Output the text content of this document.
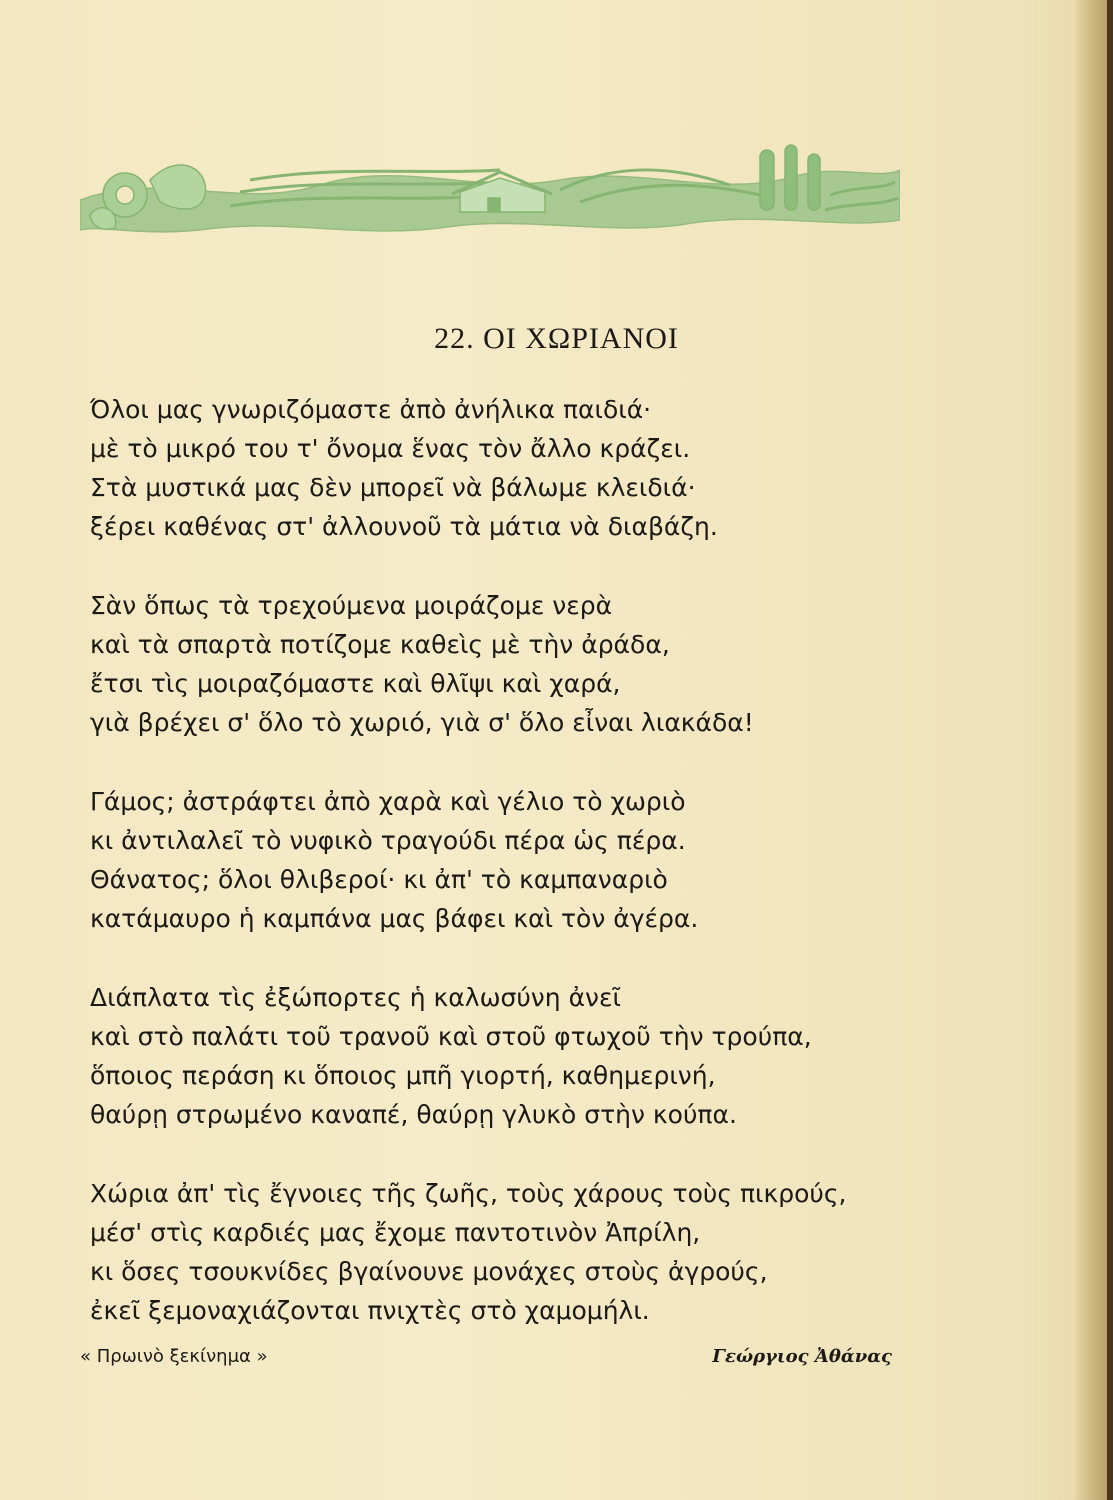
22. ΟΙ ΧΩΡΙΑΝΟΙ
Όλοι μας γνωριζόμαστε ἀπὸ ἀνήλικα παιδιά·
μὲ τὸ μικρό του τ' ὄνομα ἕνας τὸν ἄλλο κράζει.
Στὰ μυστικά μας δὲν μπορεῖ νὰ βάλωμε κλειδιά·
ξέρει καθένας στ' ἀλλουνοῦ τὰ μάτια νὰ διαβάζη.
Σὰν ὅπως τὰ τρεχούμενα μοιράζομε νερὰ
καὶ τὰ σπαρτὰ ποτίζομε καθεὶς μὲ τὴν ἀράδα,
ἔτσι τὶς μοιραζόμαστε καὶ θλῖψι καὶ χαρά,
γιὰ βρέχει σ' ὅλο τὸ χωριό, γιὰ σ' ὅλο εἶναι λιακάδα!
Γάμος; ἀστράφτει ἀπὸ χαρὰ καὶ γέλιο τὸ χωριὸ
κι ἀντιλαλεῖ τὸ νυφικὸ τραγούδι πέρα ὡς πέρα.
Θάνατος; ὅλοι θλιβεροί· κι ἀπ' τὸ καμπαναριὸ
κατάμαυρο ἡ καμπάνα μας βάφει καὶ τὸν ἀγέρα.
Διάπλατα τὶς ἐξώπορτες ἡ καλωσύνη ἀνεῖ
καὶ στὸ παλάτι τοῦ τρανοῦ καὶ στοῦ φτωχοῦ τὴν τρούπα,
ὅποιος περάση κι ὅποιος μπῆ γιορτή, καθημερινή,
θαύρῃ στρωμένο καναπέ, θαύρῃ γλυκὸ στὴν κούπα.
Χώρια ἀπ' τὶς ἔγνοιες τῆς ζωῆς, τοὺς χάρους τοὺς πικρούς,
μέσ' στὶς καρδιές μας ἔχομε παντοτινὸν Ἀπρίλη,
κι ὅσες τσουκνίδες βγαίνουνε μονάχες στοὺς ἀγρούς,
ἐκεῖ ξεμοναχιάζονται πνιχτὲς στὸ χαμομήλι.
« Πρωινὸ ξεκίνημα »	Γεώργιος Ἀθάνας
